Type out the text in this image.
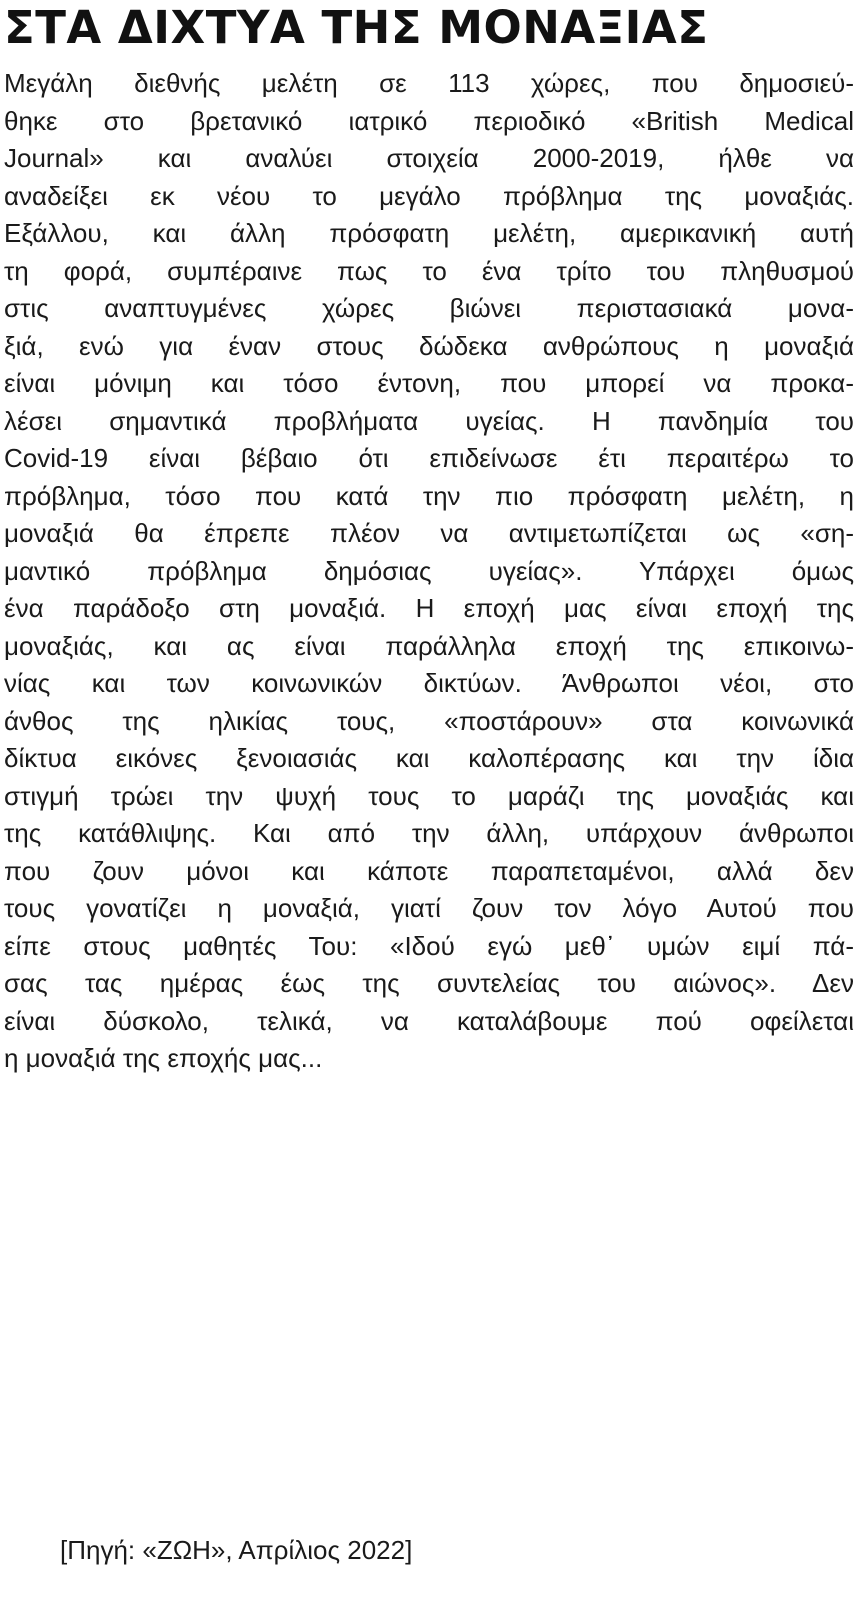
ΣΤΑ ΔΙΧΤΥΑ ΤΗΣ ΜΟΝΑΞΙΑΣ
Μεγάλη διεθνής μελέτη σε 113 χώρες, που δημοσιεύ-
θηκε στο βρετανικό ιατρικό περιοδικό «British Medical
Journal» και αναλύει στοιχεία 2000-2019, ήλθε να
αναδείξει εκ νέου το μεγάλο πρόβλημα της μοναξιάς.
Εξάλλου, και άλλη πρόσφατη μελέτη, αμερικανική αυτή
τη φορά, συμπέραινε πως το ένα τρίτο του πληθυσμού
στις αναπτυγμένες χώρες βιώνει περιστασιακά μονα-
ξιά, ενώ για έναν στους δώδεκα ανθρώπους η μοναξιά
είναι μόνιμη και τόσο έντονη, που μπορεί να προκα-
λέσει σημαντικά προβλήματα υγείας. Η πανδημία του
Covid-19 είναι βέβαιο ότι επιδείνωσε έτι περαιτέρω το
πρόβλημα, τόσο που κατά την πιο πρόσφατη μελέτη, η
μοναξιά θα έπρεπε πλέον να αντιμετωπίζεται ως «ση-
μαντικό πρόβλημα δημόσιας υγείας». Υπάρχει όμως
ένα παράδοξο στη μοναξιά. Η εποχή μας είναι εποχή της
μοναξιάς, και ας είναι παράλληλα εποχή της επικοινω-
νίας και των κοινωνικών δικτύων. Άνθρωποι νέοι, στο
άνθος της ηλικίας τους, «ποστάρουν» στα κοινωνικά
δίκτυα εικόνες ξενοιασιάς και καλοπέρασης και την ίδια
στιγμή τρώει την ψυχή τους το μαράζι της μοναξιάς και
της κατάθλιψης. Και από την άλλη, υπάρχουν άνθρωποι
που ζουν μόνοι και κάποτε παραπεταμένοι, αλλά δεν
τους γονατίζει η μοναξιά, γιατί ζουν τον λόγο Αυτού που
είπε στους μαθητές Του: «Ιδού εγώ μεθ᾽ υμών ειμί πά-
σας τας ημέρας έως της συντελείας του αιώνος». Δεν
είναι δύσκολο, τελικά, να καταλάβουμε πού οφείλεται
η μοναξιά της εποχής μας...

[Πηγή: «ΖΩΗ», Απρίλιος 2022]
